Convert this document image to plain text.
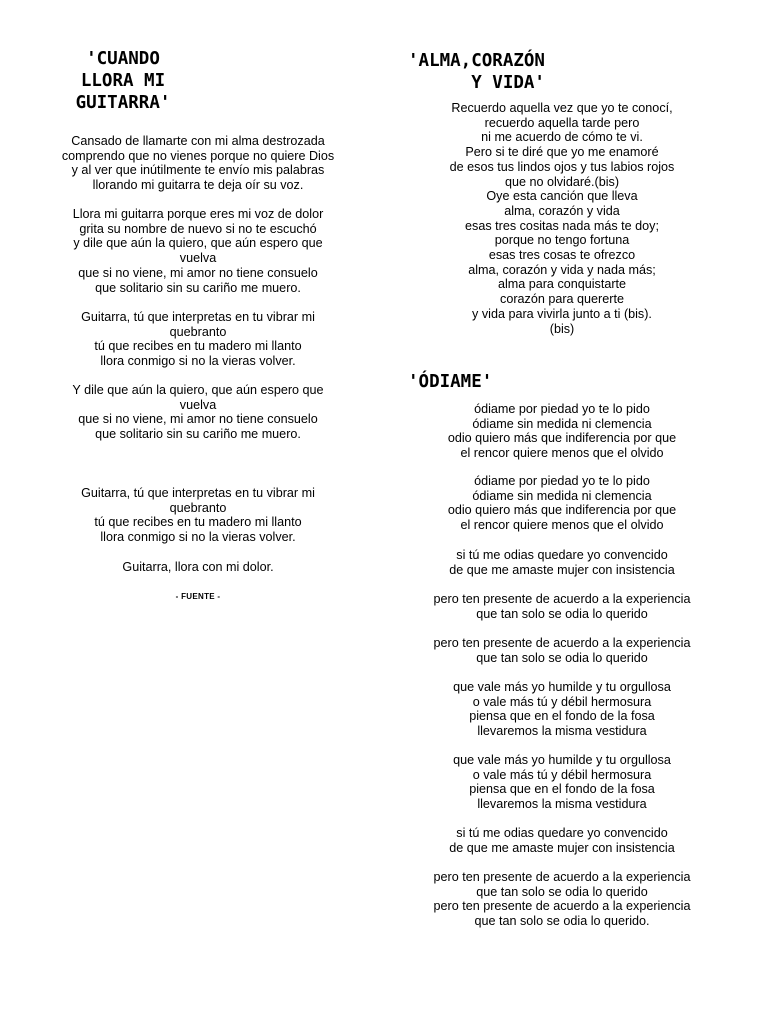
'CUANDO
LLORA MI
GUITARRA'

Cansado de llamarte con mi alma destrozada
comprendo que no vienes porque no quiere Dios
y al ver que inútilmente te envío mis palabras
llorando mi guitarra te deja oír su voz.

Llora mi guitarra porque eres mi voz de dolor
grita su nombre de nuevo si no te escuchó
y dile que aún la quiero, que aún espero que
vuelva
que si no viene, mi amor no tiene consuelo
que solitario sin su cariño me muero.

Guitarra, tú que interpretas en tu vibrar mi
quebranto
tú que recibes en tu madero mi llanto
llora conmigo si no la vieras volver.

Y dile que aún la quiero, que aún espero que
vuelva
que si no viene, mi amor no tiene consuelo
que solitario sin su cariño me muero.

Guitarra, tú que interpretas en tu vibrar mi
quebranto
tú que recibes en tu madero mi llanto
llora conmigo si no la vieras volver.

Guitarra, llora con mi dolor.

- FUENTE -
'ALMA,CORAZÓN
Y VIDA'

Recuerdo aquella vez que yo te conocí,
recuerdo aquella tarde pero
ni me acuerdo de cómo te vi.
Pero si te diré que yo me enamoré
de esos tus lindos ojos y tus labios rojos
que no olvidaré.(bis)
Oye esta canción que lleva
alma, corazón y vida
esas tres cositas nada más te doy;
porque no tengo fortuna
esas tres cosas te ofrezco
alma, corazón y vida y nada más;
alma para conquistarte
corazón para quererte
y vida para vivirla junto a ti (bis).
(bis)

'ÓDIAME'

ódiame por piedad yo te lo pido
ódiame sin medida ni clemencia
odio quiero más que indiferencia por que
el rencor quiere menos que el olvido

ódiame por piedad yo te lo pido
ódiame sin medida ni clemencia
odio quiero más que indiferencia por que
el rencor quiere menos que el olvido

si tú me odias quedare yo convencido
de que me amaste mujer con insistencia

pero ten presente de acuerdo a la experiencia
que tan solo se odia lo querido

pero ten presente de acuerdo a la experiencia
que tan solo se odia lo querido

que vale más yo humilde y tu orgullosa
o vale más tú y débil hermosura
piensa que en el fondo de la fosa
llevaremos la misma vestidura

que vale más yo humilde y tu orgullosa
o vale más tú y débil hermosura
piensa que en el fondo de la fosa
llevaremos la misma vestidura

si tú me odias quedare yo convencido
de que me amaste mujer con insistencia

pero ten presente de acuerdo a la experiencia
que tan solo se odia lo querido
pero ten presente de acuerdo a la experiencia
que tan solo se odia lo querido.
